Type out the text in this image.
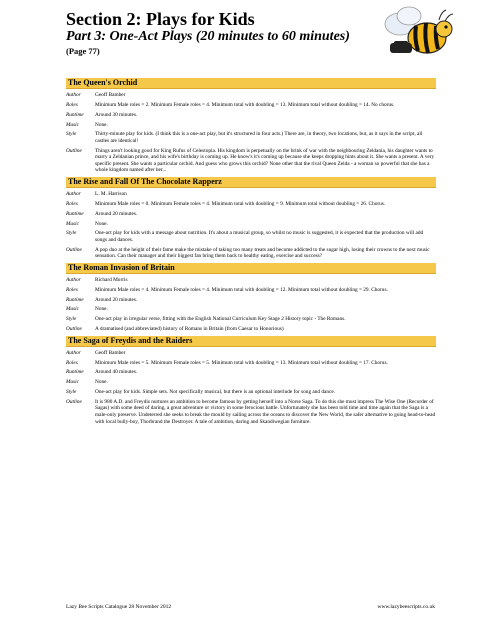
Section 2: Plays for Kids
Part 3: One-Act Plays (20 minutes to 60 minutes)
(Page 77)
The Queen's Orchid
Author	Geoff Bamber
Roles	Minimum Male roles = 2. Minimum Female roles = 4. Minimum total with doubling = 13. Minimum total without doubling = 14. No chorus.
Runtime	Around 30 minutes.
Music	None.
Style	Thirty-minute play for kids. (I think this is a one-act play, but it's structured in four acts.) There are, in theory, two locations, but, as it says in the script, all castles are identical!
Outline	Things aren't looking good for King Rufus of Celestopia. His kingdom is perpetually on the brink of war with the neighbouring Zeldania, his daughter wants to marry a Zeldanian prince, and his wife's birthday is coming up. He know's it's coming up because she keeps dropping hints about it. She wants a present. A very specific present. She wants a particular orchid. And guess who grows this orchid? None other that the rival Queen Zelda - a woman so powerful that she has a whole kingdom named after her...
The Rise and Fall Of The Chocolate Rapperz
Author	L. M. Harrison
Roles	Minimum Male roles = 0. Minimum Female roles = 4. Minimum total with doubling = 9. Minimum total without doubling = 26. Chorus.
Runtime	Around 20 minutes.
Music	None.
Style	One-act play for kids with a message about nutrition. It's about a musical group, so whilst no music is suggested, it is expected that the production will add songs and dances.
Outline	A pop duo at the height of their fame make the mistake of taking too many treats and become addicted to the sugar high, losing their crowns to the next music sensation. Can their manager and their biggest fan bring them back to healthy eating, exercise and success?
The Roman Invasion of Britain
Author	Richard Morris
Roles	Minimum Male roles = 4. Minimum Female roles = 4. Minimum total with doubling = 12. Minimum total without doubling = 29. Chorus.
Runtime	Around 20 minutes.
Music	None.
Style	One-act play in irregular verse, fitting with the English National Curriculum Key Stage 2 History topic - The Romans.
Outline	A dramatised (and abbreviated) history of Romans in Britain (from Caesar to Honorious)
The Saga of Freydis and the Raiders
Author	Geoff Bamber
Roles	Minimum Male roles = 5. Minimum Female roles = 5. Minimum total with doubling = 13. Minimum total without doubling = 17. Chorus.
Runtime	Around 40 minutes.
Music	None.
Style	One-act play for kids. Simple sets. Not specifically musical, but there is an optional interlude for song and dance.
Outline	It is 980 A.D. and Freydis nurtures an ambition to become famous by getting herself into a Norse Saga. To do this she must impress The Wise One (Recorder of Sagas) with some deed of daring, a great adventure or victory in some ferocious battle. Unfortunately she has been told time and time again that the Saga is a male-only preserve. Undeterred she seeks to break the mould by sailing across the oceans to discover the New World, the safer alternative to going head-to-head with local bully-boy, Thorbrand the Destroyer. A tale of ambition, daring and Skandiwegian furniture.
Lazy Bee Scripts Catalogue 28 November 2012	www.lazybeescripts.co.uk
